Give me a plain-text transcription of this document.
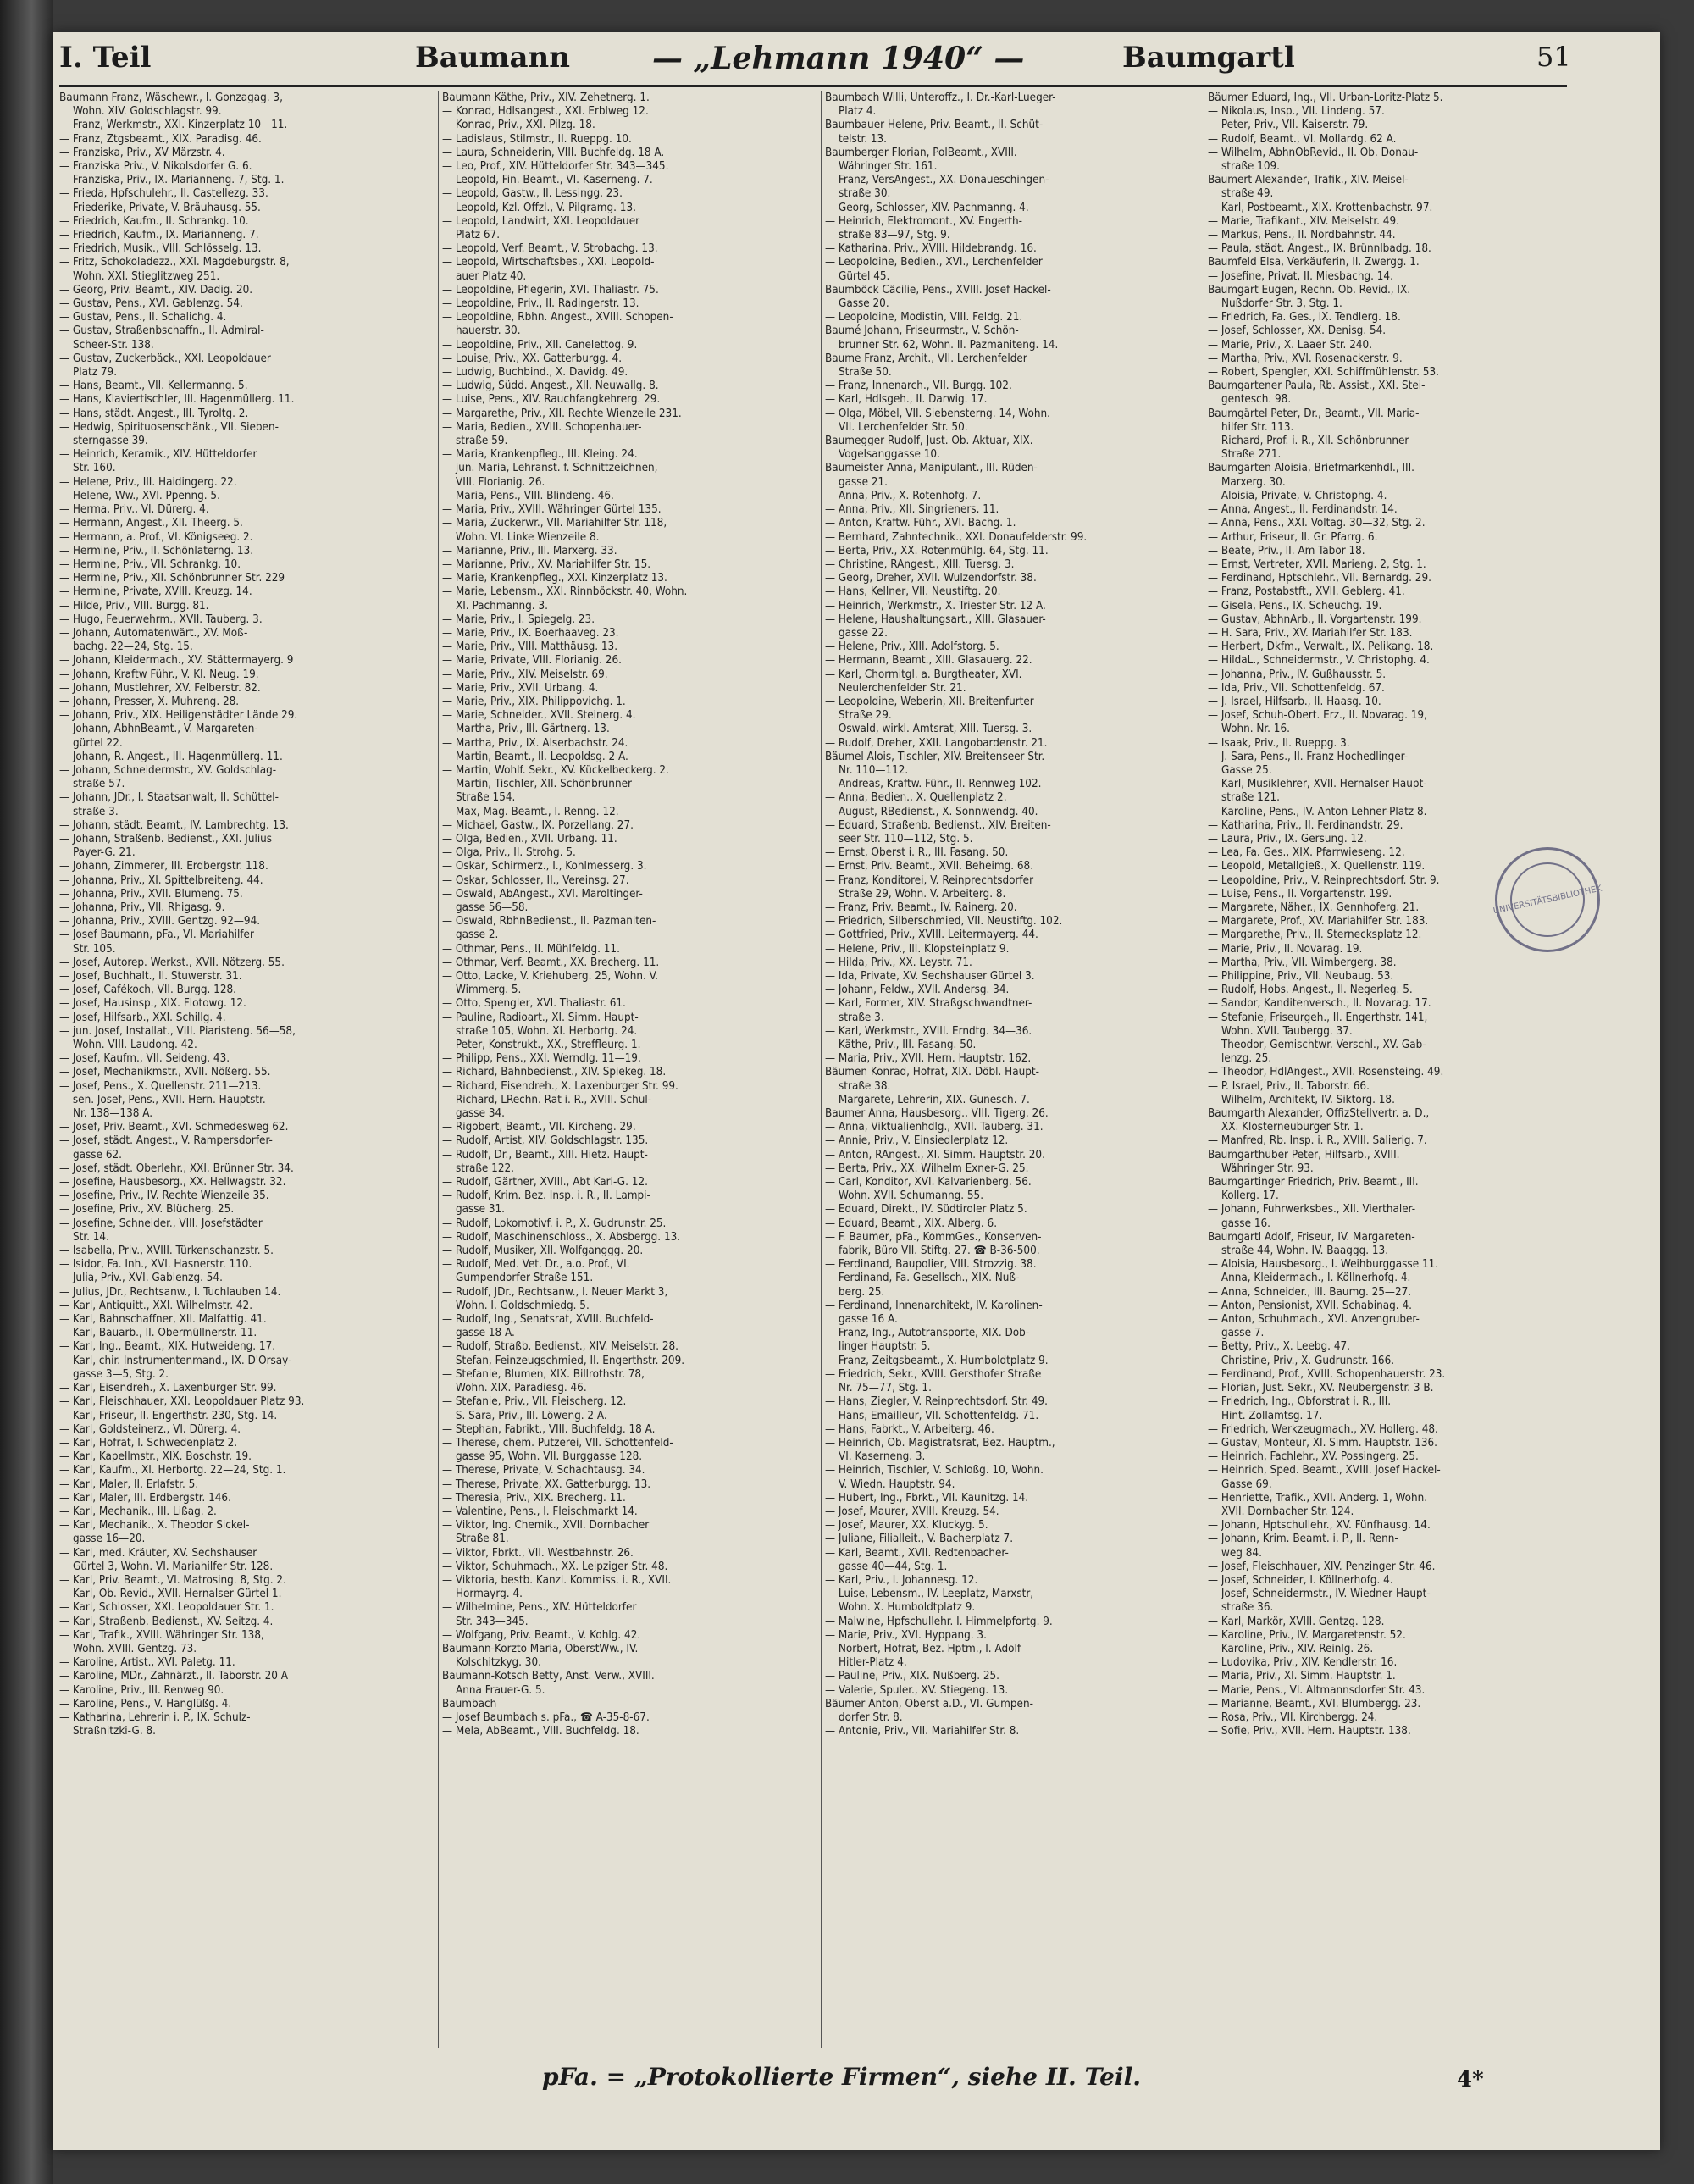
I. Teil	Baumann	— „Lehmann 1940“ —	Baumgartl	51
Baumann Franz, Wäschewr., I. Gonzagag. 3,
Wohn. XIV. Goldschlagstr. 99.
— Franz, Werkmstr., XXI. Kinzerplatz 10—11.
— Franz, Ztgsbeamt., XIX. Paradisg. 46.
— Franziska, Priv., XV Märzstr. 4.
— Franziska Priv., V. Nikolsdorfer G. 6.
— Franziska, Priv., IX. Marianneng. 7, Stg. 1.
— Frieda, Hpfschulehr., II. Castellezg. 33.
— Friederike, Private, V. Bräuhausg. 55.
— Friedrich, Kaufm., II. Schrankg. 10.
— Friedrich, Kaufm., IX. Marianneng. 7.
— Friedrich, Musik., VIII. Schlösselg. 13.
— Fritz, Schokoladezz., XXI. Magdeburgstr. 8,
Wohn. XXI. Stieglitzweg 251.
— Georg, Priv. Beamt., XIV. Dadig. 20.
— Gustav, Pens., XVI. Gablenzg. 54.
— Gustav, Pens., II. Schalichg. 4.
— Gustav, Straßenbschaffn., II. Admiral-
Scheer-Str. 138.
— Gustav, Zuckerbäck., XXI. Leopoldauer
Platz 79.
— Hans, Beamt., VII. Kellermanng. 5.
— Hans, Klaviertischler, III. Hagenmüllerg. 11.
— Hans, städt. Angest., III. Tyroltg. 2.
— Hedwig, Spirituosenschänk., VII. Sieben-
sterngasse 39.
— Heinrich, Keramik., XIV. Hütteldorfer
Str. 160.
— Helene, Priv., III. Haidingerg. 22.
— Helene, Ww., XVI. Ppenng. 5.
— Herma, Priv., VI. Dürerg. 4.
— Hermann, Angest., XII. Theerg. 5.
— Hermann, a. Prof., VI. Königseeg. 2.
— Hermine, Priv., II. Schönlaterng. 13.
— Hermine, Priv., VII. Schrankg. 10.
— Hermine, Priv., XII. Schönbrunner Str. 229
— Hermine, Private, XVIII. Kreuzg. 14.
— Hilde, Priv., VIII. Burgg. 81.
— Hugo, Feuerwehrm., XVII. Tauberg. 3.
— Johann, Automatenwärt., XV. Moß-
bachg. 22—24, Stg. 15.
— Johann, Kleidermach., XV. Stättermayerg. 9
— Johann, Kraftw Führ., V. Kl. Neug. 19.
— Johann, Mustlehrer, XV. Felberstr. 82.
— Johann, Presser, X. Muhreng. 28.
— Johann, Priv., XIX. Heiligenstädter Lände 29.
— Johann, AbhnBeamt., V. Margareten-
gürtel 22.
— Johann, R. Angest., III. Hagenmüllerg. 11.
— Johann, Schneidermstr., XV. Goldschlag-
straße 57.
— Johann, JDr., I. Staatsanwalt, II. Schüttel-
straße 3.
— Johann, städt. Beamt., IV. Lambrechtg. 13.
— Johann, Straßenb. Bedienst., XXI. Julius
Payer-G. 21.
— Johann, Zimmerer, III. Erdbergstr. 118.
— Johanna, Priv., XI. Spittelbreiteng. 44.
— Johanna, Priv., XVII. Blumeng. 75.
— Johanna, Priv., VII. Rhigasg. 9.
— Johanna, Priv., XVIII. Gentzg. 92—94.
— Josef Baumann, pFa., VI. Mariahilfer
Str. 105.
— Josef, Autorep. Werkst., XVII. Nötzerg. 55.
— Josef, Buchhalt., II. Stuwerstr. 31.
— Josef, Cafékoch, VII. Burgg. 128.
— Josef, Hausinsp., XIX. Flotowg. 12.
— Josef, Hilfsarb., XXI. Schillg. 4.
— jun. Josef, Installat., VIII. Piaristeng. 56—58,
Wohn. VIII. Laudong. 42.
— Josef, Kaufm., VII. Seideng. 43.
— Josef, Mechanikmstr., XVII. Nößerg. 55.
— Josef, Pens., X. Quellenstr. 211—213.
— sen. Josef, Pens., XVII. Hern. Hauptstr.
Nr. 138—138 A.
— Josef, Priv. Beamt., XVI. Schmedesweg 62.
— Josef, städt. Angest., V. Rampersdorfer-
gasse 62.
— Josef, städt. Oberlehr., XXI. Brünner Str. 34.
— Josefine, Hausbesorg., XX. Hellwagstr. 32.
— Josefine, Priv., IV. Rechte Wienzeile 35.
— Josefine, Priv., XV. Blücherg. 25.
— Josefine, Schneider., VIII. Josefstädter
Str. 14.
— Isabella, Priv., XVIII. Türkenschanzstr. 5.
— Isidor, Fa. Inh., XVI. Hasnerstr. 110.
— Julia, Priv., XVI. Gablenzg. 54.
— Julius, JDr., Rechtsanw., I. Tuchlauben 14.
— Karl, Antiquitt., XXI. Wilhelmstr. 42.
— Karl, Bahnschaffner, XII. Malfattig. 41.
— Karl, Bauarb., II. Obermüllnerstr. 11.
— Karl, Ing., Beamt., XIX. Hutweideng. 17.
— Karl, chir. Instrumentenmand., IX. D'Orsay-
gasse 3—5, Stg. 2.
— Karl, Eisendreh., X. Laxenburger Str. 99.
— Karl, Fleischhauer, XXI. Leopoldauer Platz 93.
— Karl, Friseur, II. Engerthstr. 230, Stg. 14.
— Karl, Goldsteinerz., VI. Dürerg. 4.
— Karl, Hofrat, I. Schwedenplatz 2.
— Karl, Kapellmstr., XIX. Boschstr. 19.
— Karl, Kaufm., XI. Herbortg. 22—24, Stg. 1.
— Karl, Maler, II. Erlafstr. 5.
— Karl, Maler, III. Erdbergstr. 146.
— Karl, Mechanik., III. Lißag. 2.
— Karl, Mechanik., X. Theodor Sickel-
gasse 16—20.
— Karl, med. Kräuter, XV. Sechshauser
Gürtel 3, Wohn. VI. Mariahilfer Str. 128.
— Karl, Priv. Beamt., VI. Matrosing. 8, Stg. 2.
— Karl, Ob. Revid., XVII. Hernalser Gürtel 1.
— Karl, Schlosser, XXI. Leopoldauer Str. 1.
— Karl, Straßenb. Bedienst., XV. Seitzg. 4.
— Karl, Trafik., XVIII. Währinger Str. 138,
Wohn. XVIII. Gentzg. 73.
— Karoline, Artist., XVI. Paletg. 11.
— Karoline, MDr., Zahnärzt., II. Taborstr. 20 A
— Karoline, Priv., III. Renweg 90.
— Karoline, Pens., V. Hanglüßg. 4.
— Katharina, Lehrerin i. P., IX. Schulz-
Straßnitzki-G. 8.
Baumann Käthe, Priv., XIV. Zehetnerg. 1.
— Konrad, Hdlsangest., XXI. Erblweg 12.
— Konrad, Priv., XXI. Pilzg. 18.
— Ladislaus, Stilmstr., II. Rueppg. 10.
— Laura, Schneiderin, VIII. Buchfeldg. 18 A.
— Leo, Prof., XIV. Hütteldorfer Str. 343—345.
— Leopold, Fin. Beamt., VI. Kaserneng. 7.
— Leopold, Gastw., II. Lessingg. 23.
— Leopold, Kzl. Offzl., V. Pilgramg. 13.
— Leopold, Landwirt, XXI. Leopoldauer
Platz 67.
— Leopold, Verf. Beamt., V. Strobachg. 13.
— Leopold, Wirtschaftsbes., XXI. Leopold-
auer Platz 40.
— Leopoldine, Pflegerin, XVI. Thaliastr. 75.
— Leopoldine, Priv., II. Radingerstr. 13.
— Leopoldine, Rbhn. Angest., XVIII. Schopen-
hauerstr. 30.
— Leopoldine, Priv., XII. Canelettog. 9.
— Louise, Priv., XX. Gatterburgg. 4.
— Ludwig, Buchbind., X. Davidg. 49.
— Ludwig, Südd. Angest., XII. Neuwallg. 8.
— Luise, Pens., XIV. Rauchfangkehrerg. 29.
— Margarethe, Priv., XII. Rechte Wienzeile 231.
— Maria, Bedien., XVIII. Schopenhauer-
straße 59.
— Maria, Krankenpfleg., III. Kleing. 24.
— jun. Maria, Lehranst. f. Schnittzeichnen,
VIII. Florianig. 26.
— Maria, Pens., VIII. Blindeng. 46.
— Maria, Priv., XVIII. Währinger Gürtel 135.
— Maria, Zuckerwr., VII. Mariahilfer Str. 118,
Wohn. VI. Linke Wienzeile 8.
— Marianne, Priv., III. Marxerg. 33.
— Marianne, Priv., XV. Mariahilfer Str. 15.
— Marie, Krankenpfleg., XXI. Kinzerplatz 13.
— Marie, Lebensm., XXI. Rinnböckstr. 40, Wohn.
XI. Pachmanng. 3.
— Marie, Priv., I. Spiegelg. 23.
— Marie, Priv., IX. Boerhaaveg. 23.
— Marie, Priv., VIII. Matthäusg. 13.
— Marie, Private, VIII. Florianig. 26.
— Marie, Priv., XIV. Meiselstr. 69.
— Marie, Priv., XVII. Urbang. 4.
— Marie, Priv., XIX. Philippovichg. 1.
— Marie, Schneider., XVII. Steinerg. 4.
— Martha, Priv., III. Gärtnerg. 13.
— Martha, Priv., IX. Alserbachstr. 24.
— Martin, Beamt., II. Leopoldsg. 2 A.
— Martin, Wohlf. Sekr., XV. Kückelbeckerg. 2.
— Martin, Tischler, XII. Schönbrunner
Straße 154.
— Max, Mag. Beamt., I. Renng. 12.
— Michael, Gastw., IX. Porzellang. 27.
— Olga, Bedien., XVII. Urbang. 11.
— Olga, Priv., II. Strohg. 5.
— Oskar, Schirmerz., I., Kohlmesserg. 3.
— Oskar, Schlosser, II., Vereinsg. 27.
— Oswald, AbAngest., XVI. Maroltinger-
gasse 56—58.
— Oswald, RbhnBedienst., II. Pazmaniten-
gasse 2.
— Othmar, Pens., II. Mühlfeldg. 11.
— Othmar, Verf. Beamt., XX. Brecherg. 11.
— Otto, Lacke, V. Kriehuberg. 25, Wohn. V.
Wimmerg. 5.
— Otto, Spengler, XVI. Thaliastr. 61.
— Pauline, Radioart., XI. Simm. Haupt-
straße 105, Wohn. XI. Herbortg. 24.
— Peter, Konstrukt., XX., Streffleurg. 1.
— Philipp, Pens., XXI. Werndlg. 11—19.
— Richard, Bahnbedienst., XIV. Spiekeg. 18.
— Richard, Eisendreh., X. Laxenburger Str. 99.
— Richard, LRechn. Rat i. R., XVIII. Schul-
gasse 34.
— Rigobert, Beamt., VII. Kircheng. 29.
— Rudolf, Artist, XIV. Goldschlagstr. 135.
— Rudolf, Dr., Beamt., XIII. Hietz. Haupt-
straße 122.
— Rudolf, Gärtner, XVIII., Abt Karl-G. 12.
— Rudolf, Krim. Bez. Insp. i. R., II. Lampi-
gasse 31.
— Rudolf, Lokomotivf. i. P., X. Gudrunstr. 25.
— Rudolf, Maschinenschloss., X. Absbergg. 13.
— Rudolf, Musiker, XII. Wolfganggg. 20.
— Rudolf, Med. Vet. Dr., a.o. Prof., VI.
Gumpendorfer Straße 151.
— Rudolf, JDr., Rechtsanw., I. Neuer Markt 3,
Wohn. I. Goldschmiedg. 5.
— Rudolf, Ing., Senatsrat, XVIII. Buchfeld-
gasse 18 A.
— Rudolf, Straßb. Bedienst., XIV. Meiselstr. 28.
— Stefan, Feinzeugschmied, II. Engerthstr. 209.
— Stefanie, Blumen, XIX. Billrothstr. 78,
Wohn. XIX. Paradiesg. 46.
— Stefanie, Priv., VII. Fleischerg. 12.
— S. Sara, Priv., III. Löweng. 2 A.
— Stephan, Fabrikt., VIII. Buchfeldg. 18 A.
— Therese, chem. Putzerei, VII. Schottenfeld-
gasse 95, Wohn. VII. Burggasse 128.
— Therese, Private, V. Schachtausg. 34.
— Therese, Private, XX. Gatterburgg. 13.
— Theresia, Priv., XIX. Brecherg. 11.
— Valentine, Pens., I. Fleischmarkt 14.
— Viktor, Ing. Chemik., XVII. Dornbacher
Straße 81.
— Viktor, Fbrkt., VII. Westbahnstr. 26.
— Viktor, Schuhmach., XX. Leipziger Str. 48.
— Viktoria, bestb. Kanzl. Kommiss. i. R., XVII.
Hormayrg. 4.
— Wilhelmine, Pens., XIV. Hütteldorfer
Str. 343—345.
— Wolfgang, Priv. Beamt., V. Kohlg. 42.
Baumann-Korzto Maria, OberstWw., IV.
Kolschitzkyg. 30.
Baumann-Kotsch Betty, Anst. Verw., XVIII.
Anna Frauer-G. 5.
Baumbach
— Josef Baumbach s. pFa., ☎ A-35-8-67.
— Mela, AbBeamt., VIII. Buchfeldg. 18.
Baumbach Willi, Unteroffz., I. Dr.-Karl-Lueger-
Platz 4.
Baumbauer Helene, Priv. Beamt., II. Schüt-
telstr. 13.
Baumberger Florian, PolBeamt., XVIII.
Währinger Str. 161.
— Franz, VersAngest., XX. Donaueschingen-
straße 30.
— Georg, Schlosser, XIV. Pachmanng. 4.
— Heinrich, Elektromont., XV. Engerth-
straße 83—97, Stg. 9.
— Katharina, Priv., XVIII. Hildebrandg. 16.
— Leopoldine, Bedien., XVI., Lerchenfelder
Gürtel 45.
Baumböck Cäcilie, Pens., XVIII. Josef Hackel-
Gasse 20.
— Leopoldine, Modistin, VIII. Feldg. 21.
Baumé Johann, Friseurmstr., V. Schön-
brunner Str. 62, Wohn. II. Pazmaniteng. 14.
Baume Franz, Archit., VII. Lerchenfelder
Straße 50.
— Franz, Innenarch., VII. Burgg. 102.
— Karl, Hdlsgeh., II. Darwig. 17.
— Olga, Möbel, VII. Siebensterng. 14, Wohn.
VII. Lerchenfelder Str. 50.
Baumegger Rudolf, Just. Ob. Aktuar, XIX.
Vogelsanggasse 10.
Baumeister Anna, Manipulant., III. Rüden-
gasse 21.
— Anna, Priv., X. Rotenhofg. 7.
— Anna, Priv., XII. Singrieners. 11.
— Anton, Kraftw. Führ., XVI. Bachg. 1.
— Bernhard, Zahntechnik., XXI. Donaufelderstr. 99.
— Berta, Priv., XX. Rotenmühlg. 64, Stg. 11.
— Christine, RAngest., XIII. Tuersg. 3.
— Georg, Dreher, XVII. Wulzendorfstr. 38.
— Hans, Kellner, VII. Neustiftg. 20.
— Heinrich, Werkmstr., X. Triester Str. 12 A.
— Helene, Haushaltungsart., XIII. Glasauer-
gasse 22.
— Helene, Priv., XIII. Adolfstorg. 5.
— Hermann, Beamt., XIII. Glasauerg. 22.
— Karl, Chormitgl. a. Burgtheater, XVI.
Neulerchenfelder Str. 21.
— Leopoldine, Weberin, XII. Breitenfurter
Straße 29.
— Oswald, wirkl. Amtsrat, XIII. Tuersg. 3.
— Rudolf, Dreher, XXII. Langobardenstr. 21.
Bäumel Alois, Tischler, XIV. Breitenseer Str.
Nr. 110—112.
— Andreas, Kraftw. Führ., II. Rennweg 102.
— Anna, Bedien., X. Quellenplatz 2.
— August, RBedienst., X. Sonnwendg. 40.
— Eduard, Straßenb. Bedienst., XIV. Breiten-
seer Str. 110—112, Stg. 5.
— Ernst, Oberst i. R., III. Fasang. 50.
— Ernst, Priv. Beamt., XVII. Beheimg. 68.
— Franz, Konditorei, V. Reinprechtsdorfer
Straße 29, Wohn. V. Arbeiterg. 8.
— Franz, Priv. Beamt., IV. Rainerg. 20.
— Friedrich, Silberschmied, VII. Neustiftg. 102.
— Gottfried, Priv., XVIII. Leitermayerg. 44.
— Helene, Priv., III. Klopsteinplatz 9.
— Hilda, Priv., XX. Leystr. 71.
— Ida, Private, XV. Sechshauser Gürtel 3.
— Johann, Feldw., XVII. Andersg. 34.
— Karl, Former, XIV. Straßgschwandtner-
straße 3.
— Karl, Werkmstr., XVIII. Erndtg. 34—36.
— Käthe, Priv., III. Fasang. 50.
— Maria, Priv., XVII. Hern. Hauptstr. 162.
Bäumen Konrad, Hofrat, XIX. Döbl. Haupt-
straße 38.
— Margarete, Lehrerin, XIX. Gunesch. 7.
Baumer Anna, Hausbesorg., VIII. Tigerg. 26.
— Anna, Viktualienhdlg., XVII. Tauberg. 31.
— Annie, Priv., V. Einsiedlerplatz 12.
— Anton, RAngest., XI. Simm. Hauptstr. 20.
— Berta, Priv., XX. Wilhelm Exner-G. 25.
— Carl, Konditor, XVI. Kalvarienberg. 56.
Wohn. XVII. Schumanng. 55.
— Eduard, Direkt., IV. Südtiroler Platz 5.
— Eduard, Beamt., XIX. Alberg. 6.
— F. Baumer, pFa., KommGes., Konserven-
fabrik, Büro VII. Stiftg. 27. ☎ B-36-500.
— Ferdinand, Baupolier, VIII. Strozzig. 38.
— Ferdinand, Fa. Gesellsch., XIX. Nuß-
berg. 25.
— Ferdinand, Innenarchitekt, IV. Karolinen-
gasse 16 A.
— Franz, Ing., Autotransporte, XIX. Dob-
linger Hauptstr. 5.
— Franz, Zeitgsbeamt., X. Humboldtplatz 9.
— Friedrich, Sekr., XVIII. Gersthofer Straße
Nr. 75—77, Stg. 1.
— Hans, Ziegler, V. Reinprechtsdorf. Str. 49.
— Hans, Emailleur, VII. Schottenfeldg. 71.
— Hans, Fabrkt., V. Arbeiterg. 46.
— Heinrich, Ob. Magistratsrat, Bez. Hauptm.,
VI. Kaserneng. 3.
— Heinrich, Tischler, V. Schloßg. 10, Wohn.
V. Wiedn. Hauptstr. 94.
— Hubert, Ing., Fbrkt., VII. Kaunitzg. 14.
— Josef, Maurer, XVIII. Kreuzg. 54.
— Josef, Maurer, XX. Kluckyg. 5.
— Juliane, Filialleit., V. Bacherplatz 7.
— Karl, Beamt., XVII. Redtenbacher-
gasse 40—44, Stg. 1.
— Karl, Priv., I. Johannesg. 12.
— Luise, Lebensm., IV. Leeplatz, Marxstr,
Wohn. X. Humboldtplatz 9.
— Malwine, Hpfschullehr. I. Himmelpfortg. 9.
— Marie, Priv., XVI. Hyppang. 3.
— Norbert, Hofrat, Bez. Hptm., I. Adolf
Hitler-Platz 4.
— Pauline, Priv., XIX. Nußberg. 25.
— Valerie, Spuler., XV. Stiegeng. 13.
Bäumer Anton, Oberst a.D., VI. Gumpen-
dorfer Str. 8.
— Antonie, Priv., VII. Mariahilfer Str. 8.
Bäumer Eduard, Ing., VII. Urban-Loritz-Platz 5.
— Nikolaus, Insp., VII. Lindeng. 57.
— Peter, Priv., VII. Kaiserstr. 79.
— Rudolf, Beamt., VI. Mollardg. 62 A.
— Wilhelm, AbhnObRevid., II. Ob. Donau-
straße 109.
Baumert Alexander, Trafik., XIV. Meisel-
straße 49.
— Karl, Postbeamt., XIX. Krottenbachstr. 97.
— Marie, Trafikant., XIV. Meiselstr. 49.
— Markus, Pens., II. Nordbahnstr. 44.
— Paula, städt. Angest., IX. Brünnlbadg. 18.
Baumfeld Elsa, Verkäuferin, II. Zwergg. 1.
— Josefine, Privat, II. Miesbachg. 14.
Baumgart Eugen, Rechn. Ob. Revid., IX.
Nußdorfer Str. 3, Stg. 1.
— Friedrich, Fa. Ges., IX. Tendlerg. 18.
— Josef, Schlosser, XX. Denisg. 54.
— Marie, Priv., X. Laaer Str. 240.
— Martha, Priv., XVI. Rosenackerstr. 9.
— Robert, Spengler, XXI. Schiffmühlenstr. 53.
Baumgartener Paula, Rb. Assist., XXI. Stei-
gentesch. 98.
Baumgärtel Peter, Dr., Beamt., VII. Maria-
hilfer Str. 113.
— Richard, Prof. i. R., XII. Schönbrunner
Straße 271.
Baumgarten Aloisia, Briefmarkenhdl., III.
Marxerg. 30.
— Aloisia, Private, V. Christophg. 4.
— Anna, Angest., II. Ferdinandstr. 14.
— Anna, Pens., XXI. Voltag. 30—32, Stg. 2.
— Arthur, Friseur, II. Gr. Pfarrg. 6.
— Beate, Priv., II. Am Tabor 18.
— Ernst, Vertreter, XVII. Marieng. 2, Stg. 1.
— Ferdinand, Hptschlehr., VII. Bernardg. 29.
— Franz, Postabstft., XVII. Geblerg. 41.
— Gisela, Pens., IX. Scheuchg. 19.
— Gustav, AbhnArb., II. Vorgartenstr. 199.
— H. Sara, Priv., XV. Mariahilfer Str. 183.
— Herbert, Dkfm., Verwalt., IX. Pelikang. 18.
— HildaL., Schneidermstr., V. Christophg. 4.
— Johanna, Priv., IV. Gußhausstr. 5.
— Ida, Priv., VII. Schottenfeldg. 67.
— J. Israel, Hilfsarb., II. Haasg. 10.
— Josef, Schuh-Obert. Erz., II. Novarag. 19,
Wohn. Nr. 16.
— Isaak, Priv., II. Rueppg. 3.
— J. Sara, Pens., II. Franz Hochedlinger-
Gasse 25.
— Karl, Musiklehrer, XVII. Hernalser Haupt-
straße 121.
— Karoline, Pens., IV. Anton Lehner-Platz 8.
— Katharina, Priv., II. Ferdinandstr. 29.
— Laura, Priv., IX. Gersung. 12.
— Lea, Fa. Ges., XIX. Pfarrwieseng. 12.
— Leopold, Metallgieß., X. Quellenstr. 119.
— Leopoldine, Priv., V. Reinprechtsdorf. Str. 9.
— Luise, Pens., II. Vorgartenstr. 199.
— Margarete, Näher., IX. Gennhoferg. 21.
— Margarete, Prof., XV. Mariahilfer Str. 183.
— Margarethe, Priv., II. Sternecksplatz 12.
— Marie, Priv., II. Novarag. 19.
— Martha, Priv., VII. Wimbergerg. 38.
— Philippine, Priv., VII. Neubaug. 53.
— Rudolf, Hobs. Angest., II. Negerleg. 5.
— Sandor, Kanditenversch., II. Novarag. 17.
— Stefanie, Friseurgeh., II. Engerthstr. 141,
Wohn. XVII. Taubergg. 37.
— Theodor, Gemischtwr. Verschl., XV. Gab-
lenzg. 25.
— Theodor, HdlAngest., XVII. Rosensteing. 49.
— P. Israel, Priv., II. Taborstr. 66.
— Wilhelm, Architekt, IV. Siktorg. 18.
Baumgarth Alexander, OffizStellvertr. a. D.,
XX. Klosterneuburger Str. 1.
— Manfred, Rb. Insp. i. R., XVIII. Salierig. 7.
Baumgarthuber Peter, Hilfsarb., XVIII.
Währinger Str. 93.
Baumgartinger Friedrich, Priv. Beamt., III.
Kollerg. 17.
— Johann, Fuhrwerksbes., XII. Vierthaler-
gasse 16.
Baumgartl Adolf, Friseur, IV. Margareten-
straße 44, Wohn. IV. Baaggg. 13.
— Aloisia, Hausbesorg., I. Weihburggasse 11.
— Anna, Kleidermach., I. Köllnerhofg. 4.
— Anna, Schneider., III. Baumg. 25—27.
— Anton, Pensionist, XVII. Schabinag. 4.
— Anton, Schuhmach., XVI. Anzengruber-
gasse 7.
— Betty, Priv., X. Leebg. 47.
— Christine, Priv., X. Gudrunstr. 166.
— Ferdinand, Prof., XVIII. Schopenhauerstr. 23.
— Florian, Just. Sekr., XV. Neubergenstr. 3 B.
— Friedrich, Ing., Obforstrat i. R., III.
Hint. Zollamtsg. 17.
— Friedrich, Werkzeugmach., XV. Hollerg. 48.
— Gustav, Monteur, XI. Simm. Hauptstr. 136.
— Heinrich, Fachlehr., XV. Possingerg. 25.
— Heinrich, Sped. Beamt., XVIII. Josef Hackel-
Gasse 69.
— Henriette, Trafik., XVII. Anderg. 1, Wohn.
XVII. Dornbacher Str. 124.
— Johann, Hptschullehr., XV. Fünfhausg. 14.
— Johann, Krim. Beamt. i. P., II. Renn-
weg 84.
— Josef, Fleischhauer, XIV. Penzinger Str. 46.
— Josef, Schneider, I. Köllnerhofg. 4.
— Josef, Schneidermstr., IV. Wiedner Haupt-
straße 36.
— Karl, Markör, XVIII. Gentzg. 128.
— Karoline, Priv., IV. Margaretenstr. 52.
— Karoline, Priv., XIV. Reinlg. 26.
— Ludovika, Priv., XIV. Kendlerstr. 16.
— Maria, Priv., XI. Simm. Hauptstr. 1.
— Marie, Pens., VI. Altmannsdorfer Str. 43.
— Marianne, Beamt., XVI. Blumbergg. 23.
— Rosa, Priv., VII. Kirchbergg. 24.
— Sofie, Priv., XVII. Hern. Hauptstr. 138.
UNIVERSITÄTSBIBLIOTHEK
pFa. = „Protokollierte Firmen“, siehe II. Teil.	4*
